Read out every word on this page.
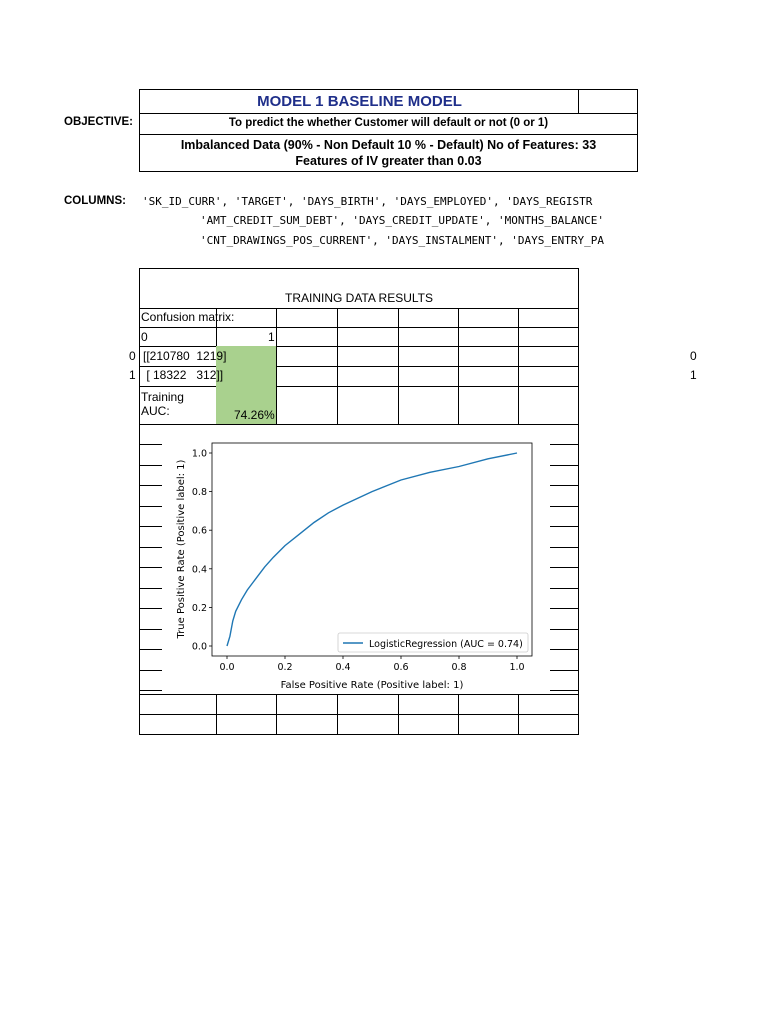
MODEL 1 BASELINE MODEL
To predict the whether Customer will default or not (0 or 1)
Imbalanced Data (90% - Non Default 10 % - Default) No of Features: 33
Features of IV greater than 0.03
OBJECTIVE:
COLUMNS: 'SK_ID_CURR', 'TARGET', 'DAYS_BIRTH', 'DAYS_EMPLOYED', 'DAYS_REGISTR
'AMT_CREDIT_SUM_DEBT', 'DAYS_CREDIT_UPDATE', 'MONTHS_BALANCE'
'CNT_DRAWINGS_POS_CURRENT', 'DAYS_INSTALMENT', 'DAYS_ENTRY_PA
TRAINING DATA RESULTS
Confusion matrix:
0	1
[[210780  1219]
[ 18322   312]]
Training
AUC:	74.26%
0
1
0
1
0.0	0.2	0.4	0.6	0.8	1.0
0.0
0.2
0.4
0.6
0.8
1.0
False Positive Rate (Positive label: 1)
True Positive Rate (Positive label: 1)
LogisticRegression (AUC = 0.74)
